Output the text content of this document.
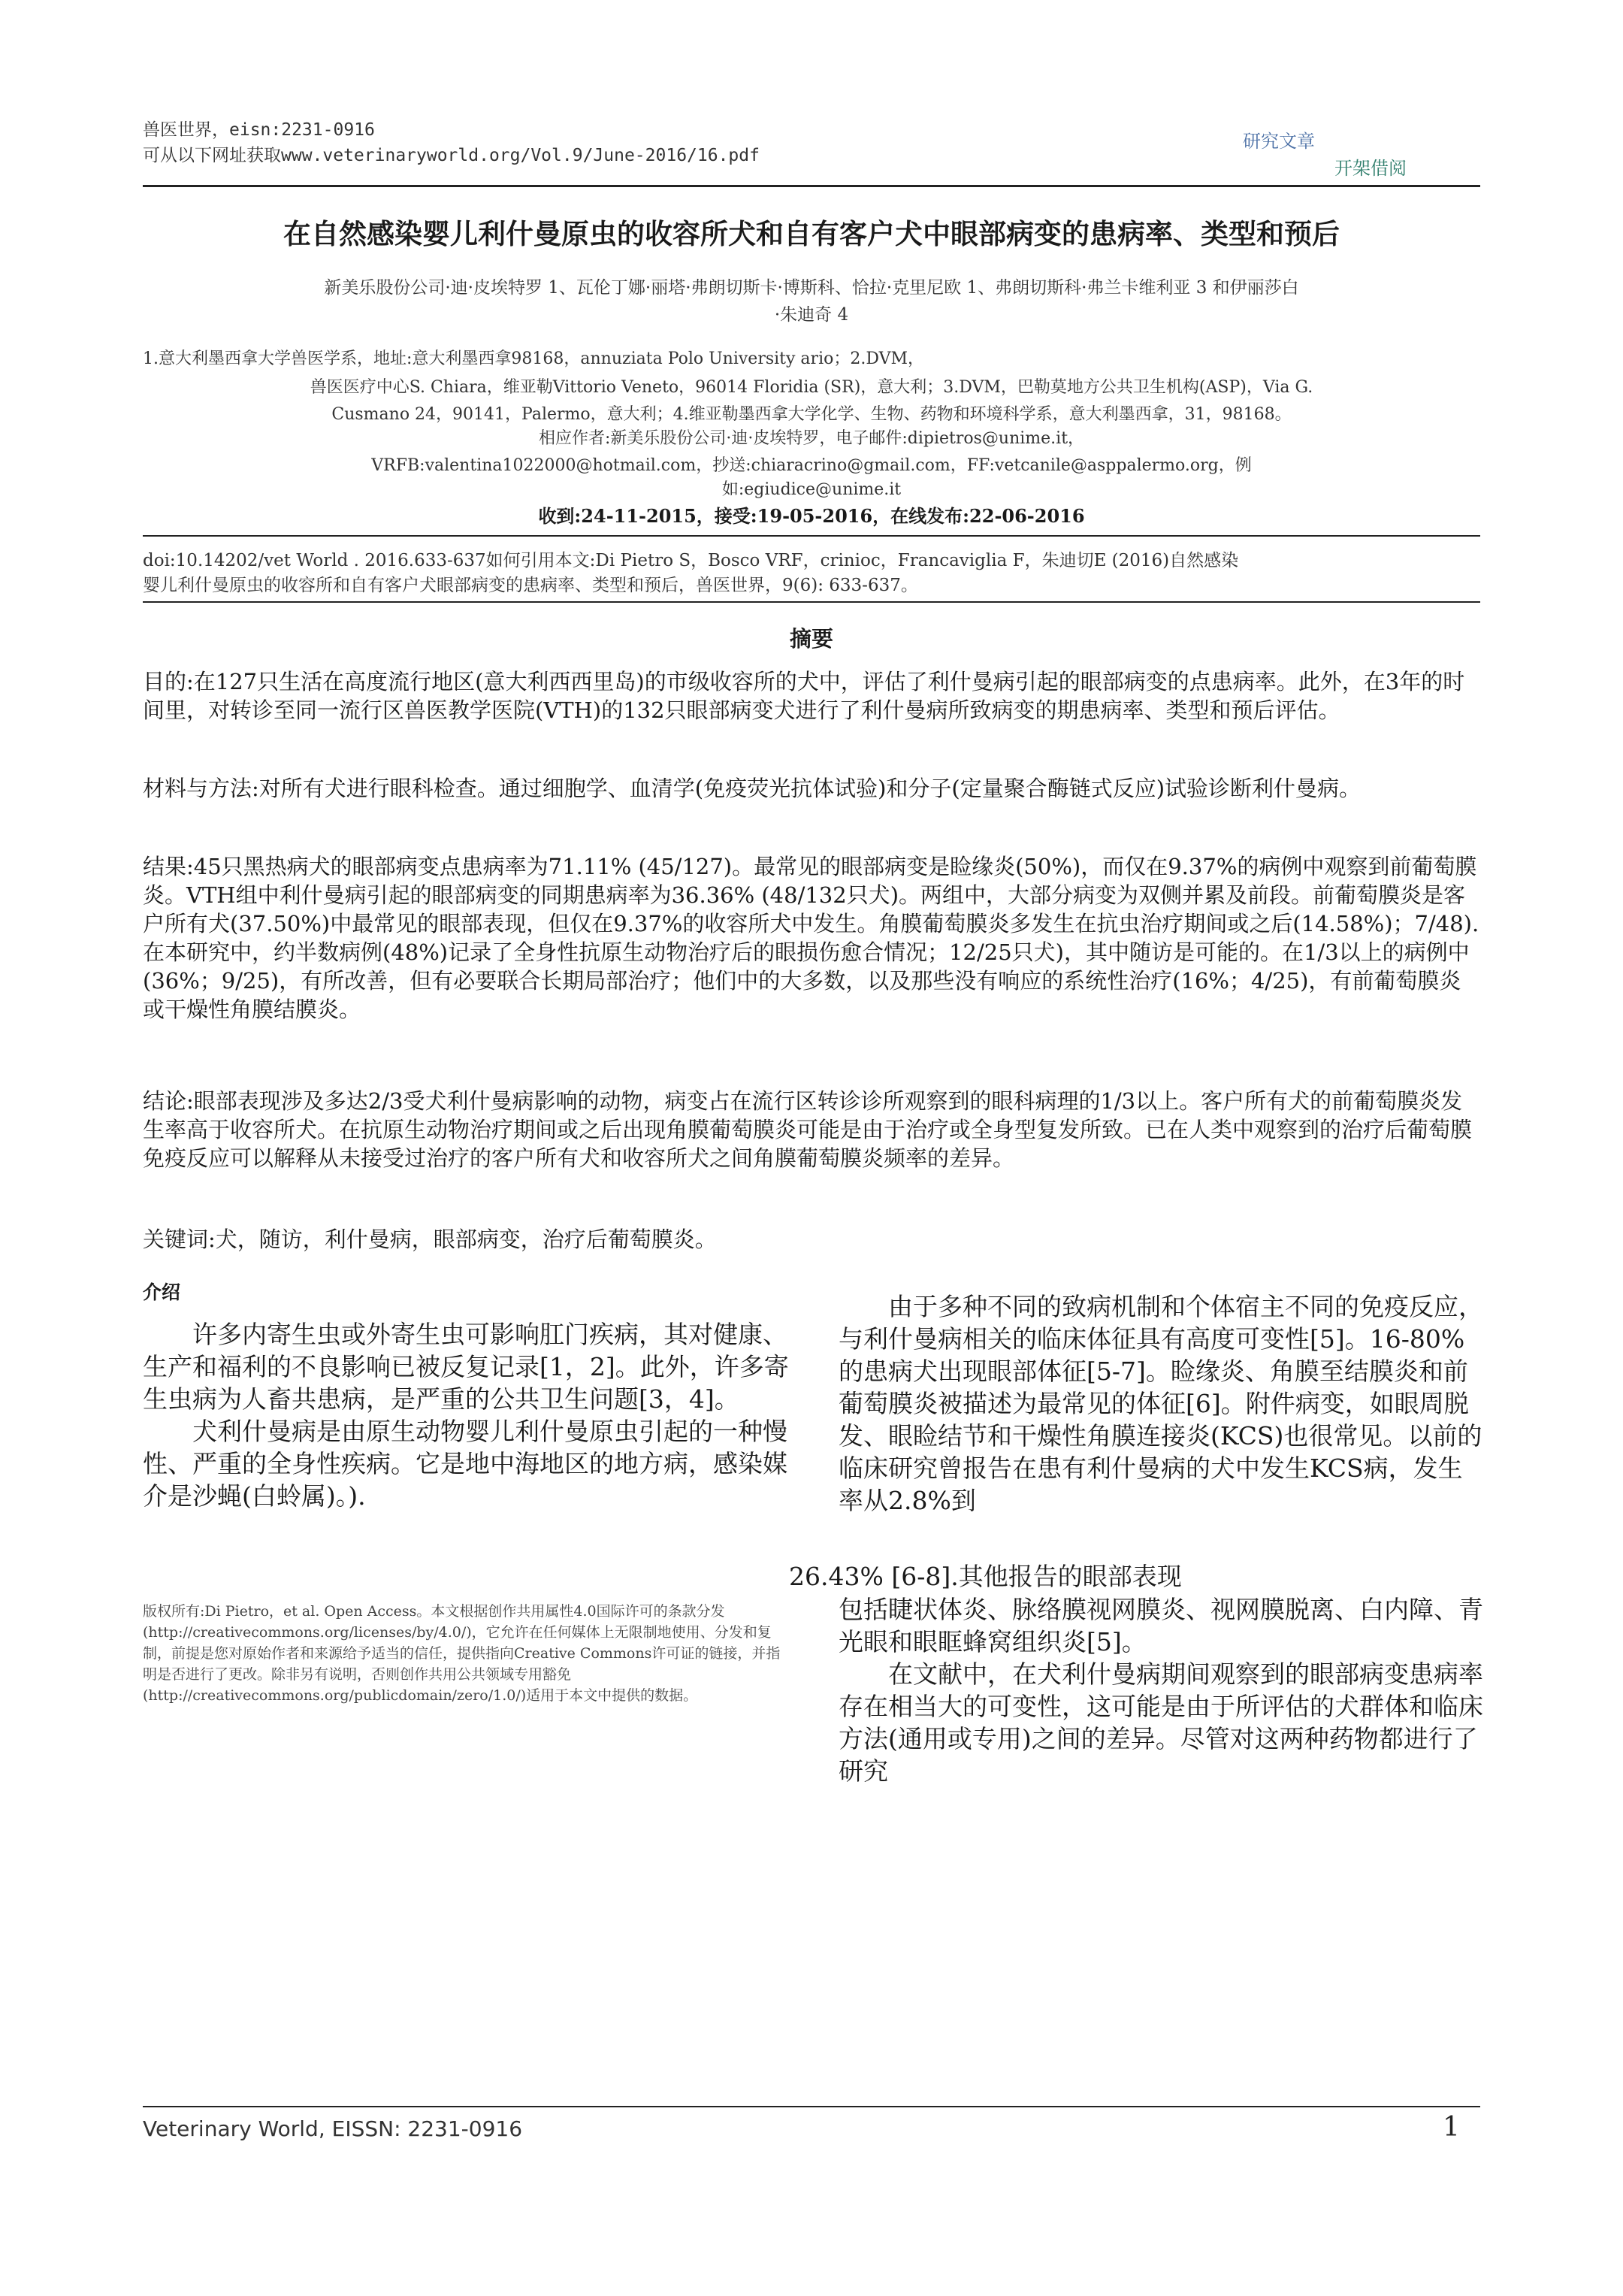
兽医世界，eisn:2231-0916
可从以下网址获取www.veterinaryworld.org/Vol.9/June-2016/16.pdf
研究文章
开架借阅
在自然感染婴儿利什曼原虫的收容所犬和自有客户犬中眼部病变的患病率、类型和预后
新美乐股份公司·迪·皮埃特罗 1、瓦伦丁娜·丽塔·弗朗切斯卡·博斯科、恰拉·克里尼欧 1、弗朗切斯科·弗兰卡维利亚 3 和伊丽莎白
·朱迪奇 4
1.意大利墨西拿大学兽医学系，地址:意大利墨西拿98168，annuziata Polo University ario；2.DVM，
兽医医疗中心S. Chiara，维亚勒Vittorio Veneto，96014 Floridia (SR)，意大利；3.DVM，巴勒莫地方公共卫生机构(ASP)，Via G.
Cusmano 24，90141，Palermo，意大利；4.维亚勒墨西拿大学化学、生物、药物和环境科学系，意大利墨西拿，31，98168。
相应作者:新美乐股份公司·迪·皮埃特罗，电子邮件:dipietros@unime.it，
VRFB:valentina1022000@hotmail.com，抄送:chiaracrino@gmail.com，FF:vetcanile@asppalermo.org，例
如:egiudice@unime.it
收到:24-11-2015，接受:19-05-2016，在线发布:22-06-2016
doi:10.14202/vet World . 2016.633-637如何引用本文:Di Pietro S，Bosco VRF，crinioc，Francaviglia F，朱迪切E (2016)自然感染
婴儿利什曼原虫的收容所和自有客户犬眼部病变的患病率、类型和预后，兽医世界，9(6): 633-637。
摘要
目的:在127只生活在高度流行地区(意大利西西里岛)的市级收容所的犬中，评估了利什曼病引起的眼部病变的点患病率。此外，在3年的时间里，对转诊至同一流行区兽医教学医院(VTH)的132只眼部病变犬进行了利什曼病所致病变的期患病率、类型和预后评估。
材料与方法:对所有犬进行眼科检查。通过细胞学、血清学(免疫荧光抗体试验)和分子(定量聚合酶链式反应)试验诊断利什曼病。
结果:45只黑热病犬的眼部病变点患病率为71.11% (45/127)。最常见的眼部病变是睑缘炎(50%)，而仅在9.37%的病例中观察到前葡萄膜炎。VTH组中利什曼病引起的眼部病变的同期患病率为36.36% (48/132只犬)。两组中，大部分病变为双侧并累及前段。前葡萄膜炎是客户所有犬(37.50%)中最常见的眼部表现，但仅在9.37%的收容所犬中发生。角膜葡萄膜炎多发生在抗虫治疗期间或之后(14.58%)；7/48).在本研究中，约半数病例(48%)记录了全身性抗原生动物治疗后的眼损伤愈合情况；12/25只犬)，其中随访是可能的。在1/3以上的病例中(36%；9/25)，有所改善，但有必要联合长期局部治疗；他们中的大多数，以及那些没有响应的系统性治疗(16%；4/25)，有前葡萄膜炎或干燥性角膜结膜炎。
结论:眼部表现涉及多达2/3受犬利什曼病影响的动物，病变占在流行区转诊诊所观察到的眼科病理的1/3以上。客户所有犬的前葡萄膜炎发生率高于收容所犬。在抗原生动物治疗期间或之后出现角膜葡萄膜炎可能是由于治疗或全身型复发所致。已在人类中观察到的治疗后葡萄膜免疫反应可以解释从未接受过治疗的客户所有犬和收容所犬之间角膜葡萄膜炎频率的差异。
关键词:犬，随访，利什曼病，眼部病变，治疗后葡萄膜炎。
介绍

许多内寄生虫或外寄生虫可影响肛门疾病，其对健康、生产和福利的不良影响已被反复记录[1，2]。此外，许多寄生虫病为人畜共患病，是严重的公共卫生问题[3，4]。

犬利什曼病是由原生动物婴儿利什曼原虫引起的一种慢性、严重的全身性疾病。它是地中海地区的地方病，感染媒介是沙蝇(白蛉属)。).

由于多种不同的致病机制和个体宿主不同的免疫反应，与利什曼病相关的临床体征具有高度可变性[5]。16-80%的患病犬出现眼部体征[5-7]。睑缘炎、角膜至结膜炎和前葡萄膜炎被描述为最常见的体征[6]。附件病变，如眼周脱发、眼睑结节和干燥性角膜连接炎(KCS)也很常见。以前的临床研究曾报告在患有利什曼病的犬中发生KCS病，发生率从2.8%到

26.43% [6-8].其他报告的眼部表现

包括睫状体炎、脉络膜视网膜炎、视网膜脱离、白内障、青光眼和眼眶蜂窝组织炎[5]。

在文献中，在犬利什曼病期间观察到的眼部病变患病率存在相当大的可变性，这可能是由于所评估的犬群体和临床方法(通用或专用)之间的差异。尽管对这两种药物都进行了研究

版权所有:Di Pietro，et al. Open Access。本文根据创作共用属性4.0国际许可的条款分发(http://creativecommons.org/licenses/by/4.0/)，它允许在任何媒体上无限制地使用、分发和复制，前提是您对原始作者和来源给予适当的信任，提供指向Creative Commons许可证的链接，并指明是否进行了更改。除非另有说明，否则创作共用公共领域专用豁免(http://creativecommons.org/publicdomain/zero/1.0/)适用于本文中提供的数据。
Veterinary World, EISSN: 2231-0916	1
